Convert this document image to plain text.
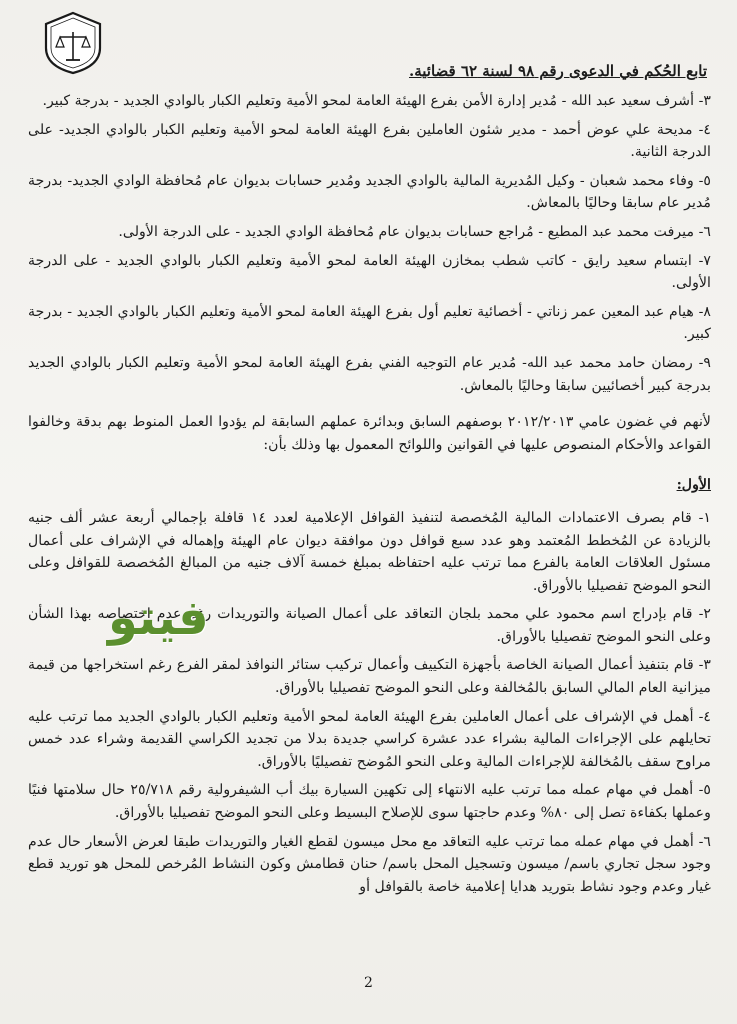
تابع الحُكم في الدعوى رقم ٩٨ لسنة ٦٢ قضائية.

٣- أشرف سعيد عبد الله - مُدير إدارة الأمن بفرع الهيئة العامة لمحو الأمية وتعليم الكبار بالوادي الجديد - بدرجة كبير.

٤- مديحة علي عوض أحمد - مدير شئون العاملين بفرع الهيئة العامة لمحو الأمية وتعليم الكبار بالوادي الجديد- على الدرجة الثانية.

٥- وفاء محمد شعبان - وكيل المُديرية المالية بالوادي الجديد ومُدير حسابات بديوان عام مُحافظة الوادي الجديد- بدرجة مُدير عام سابقا وحاليًا بالمعاش.

٦- ميرفت محمد عبد المطيع - مُراجع حسابات بديوان عام مُحافظة الوادي الجديد - على الدرجة الأولى.

٧- ابتسام سعيد رايق - كاتب شطب بمخازن الهيئة العامة لمحو الأمية وتعليم الكبار بالوادي الجديد - على الدرجة الأولى.

٨- هيام عبد المعين عمر زناتي - أخصائية تعليم أول بفرع الهيئة العامة لمحو الأمية وتعليم الكبار بالوادي الجديد - بدرجة كبير.

٩- رمضان حامد محمد عبد الله- مُدير عام التوجيه الفني بفرع الهيئة العامة لمحو الأمية وتعليم الكبار بالوادي الجديد بدرجة كبير أخصائيين سابقا وحاليًا بالمعاش.

لأنهم في غضون عامي ٢٠١٢/٢٠١٣ بوصفهم السابق وبدائرة عملهم السابقة لم يؤدوا العمل المنوط بهم بدقة وخالفوا القواعد والأحكام المنصوص عليها في القوانين واللوائح المعمول بها وذلك بأن:

الأول:

١- قام بصرف الاعتمادات المالية المُخصصة لتنفيذ القوافل الإعلامية لعدد ١٤ قافلة بإجمالي أربعة عشر ألف جنيه بالزيادة عن المُخطط المُعتمد وهو عدد سبع قوافل دون موافقة ديوان عام الهيئة وإهماله في الإشراف على أعمال مسئول العلاقات العامة بالفرع مما ترتب عليه احتفاظه بمبلغ خمسة آلاف جنيه من المبالغ المُخصصة للقوافل وعلى النحو الموضح تفصيليا بالأوراق.

٢- قام بإدراج اسم محمود علي محمد بلجان التعاقد على أعمال الصيانة والتوريدات رغم عدم اختصاصه بهذا الشأن وعلى النحو الموضح تفصيليا بالأوراق.

٣- قام بتنفيذ أعمال الصيانة الخاصة بأجهزة التكييف وأعمال تركيب ستائر النوافذ لمقر الفرع رغم استخراجها من قيمة ميزانية العام المالي السابق بالمُخالفة وعلى النحو الموضح تفصيليا بالأوراق.

٤- أهمل في الإشراف على أعمال العاملين بفرع الهيئة العامة لمحو الأمية وتعليم الكبار بالوادي الجديد مما ترتب عليه تحايلهم على الإجراءات المالية بشراء عدد عشرة كراسي جديدة بدلا من تجديد الكراسي القديمة وشراء عدد خمس مراوح سقف بالمُخالفة للإجراءات المالية وعلى النحو المُوضح تفصيليًا بالأوراق.

٥- أهمل في مهام عمله مما ترتب عليه الانتهاء إلى تكهين السيارة بيك أب الشيفرولية رقم ٢٥/٧١٨ حال سلامتها فنيًا وعملها بكفاءة تصل إلى ٨٠% وعدم حاجتها سوى للإصلاح البسيط وعلى النحو الموضح تفصيليا بالأوراق.

٦- أهمل في مهام عمله مما ترتب عليه التعاقد مع محل ميسون لقطع الغيار والتوريدات طبقا لعرض الأسعار حال عدم وجود سجل تجاري باسم/ ميسون وتسجيل المحل باسم/ حنان قطامش وكون النشاط المُرخص للمحل هو توريد قطع غيار وعدم وجود نشاط بتوريد هدايا إعلامية خاصة بالقوافل أو

فيتو
2
